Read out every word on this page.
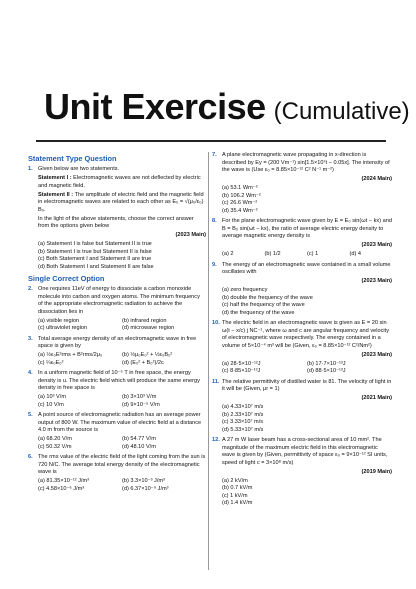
Unit Exercise (Cumulative)
Statement Type Question
1. Given below are two statements.

Statement I : Electromagnetic waves are not deflected by electric and magnetic field.

Statement II : The amplitude of electric field and the magnetic field in electromagnetic waves are related to each other as E₀ = √(μ₀/ε₀) B₀.

In the light of the above statements, choose the correct answer from the options given below

(2023 Main)

(a) Statement I is false but Statement II is true

(b) Statement I is true but Statement II is false

(c) Both Statement I and Statement II are true

(d) Both Statement I and Statement II are false

Single Correct Option
2. One requires 11eV of energy to dissociate a carbon monoxide molecule into carbon and oxygen atoms. The minimum frequency of the appropriate electromagnetic radiation to achieve the dissociation lies in

(a) visible region	(b) infrared region
(c) ultraviolet region	(d) microwave region
3. Total average energy density of an electromagnetic wave in free space is given by

(a) ½ε₀E²rms + B²rms/2μ₀	(b) ½μ₀E₀² + ½ε₀B₀²
(c) ¼ε₀E₀²	(d) (E₀² + B₀²)/2c
4. In a uniform magnetic field of 10⁻⁵ T in free space, the energy density is u. The electric field which will produce the same energy density in free space is

(a) 10³ V/m	(b) 3×10³ V/m
(c) 10 V/m	(d) 9×10⁻⁵ V/m
5. A point source of electromagnetic radiation has an average power output of 800 W. The maximum value of electric field at a distance 4.0 m from the source is

(a) 68.20 V/m	(b) 54.77 V/m
(c) 50.32 V/m	(d) 48.10 V/m
6. The rms value of the electric field of the light coming from the sun is 720 N/C. The average total energy density of the electromagnetic wave is

(a) 81.35×10⁻¹² J/m³	(b) 3.3×10⁻³ J/m³
(c) 4.58×10⁻⁶ J/m³	(d) 6.37×10⁻⁹ J/m³
7. A plane electromagnetic wave propagating in x-direction is described by Ey = (200 Vm⁻¹) sin[1.5×10⁷t − 0.05x]. The intensity of the wave is (Use ε₀ = 8.85×10⁻¹² C² N⁻¹ m⁻²)

(2024 Main)

(a) 53.1 Wm⁻²

(b) 106.2 Wm⁻²

(c) 26.6 Wm⁻²

(d) 35.4 Wm⁻²

8. For the plane electromagnetic wave given by E = E₀ sin(ωt − kx) and B = B₀ sin(ωt − kx), the ratio of average electric energy density to average magnetic energy density is

(2023 Main)

(a) 2	(b) 1/2	(c) 1	(d) 4
9. The energy of an electromagnetic wave contained in a small volume oscillates with

(2023 Main)

(a) zero frequency

(b) double the frequency of the wave

(c) half the frequency of the wave

(d) the frequency of the wave

10. The electric field in an electromagnetic wave is given as E = 20 sin ω(t − x/c) j NC⁻¹, where ω and c are angular frequency and velocity of electromagnetic wave respectively. The energy contained in a volume of 5×10⁻⁴ m³ will be (Given, ε₀ = 8.85×10⁻¹² C²/Nm²)

(2023 Main)

(a) 28·5×10⁻¹²J	(b) 17·7×10⁻¹³J
(c) 8·85×10⁻¹³J	(d) 88·5×10⁻¹³J
11. The relative permittivity of distilled water is 81. The velocity of light in it will be (Given, μr = 1)

(2021 Main)

(a) 4.33×10⁷ m/s

(b) 2.33×10⁷ m/s

(c) 3.33×10⁷ m/s

(d) 5.33×10⁷ m/s

12. A 27 m W laser beam has a cross-sectional area of 10 mm². The magnitude of the maximum electric field in this electromagnetic wave is given by (Given, permittivity of space ε₀ = 9×10⁻¹² SI units, speed of light c = 3×10⁸ m/s)

(2019 Main)

(a) 2 kV/m

(b) 0.7 kV/m

(c) 1 kV/m

(d) 1.4 kV/m
